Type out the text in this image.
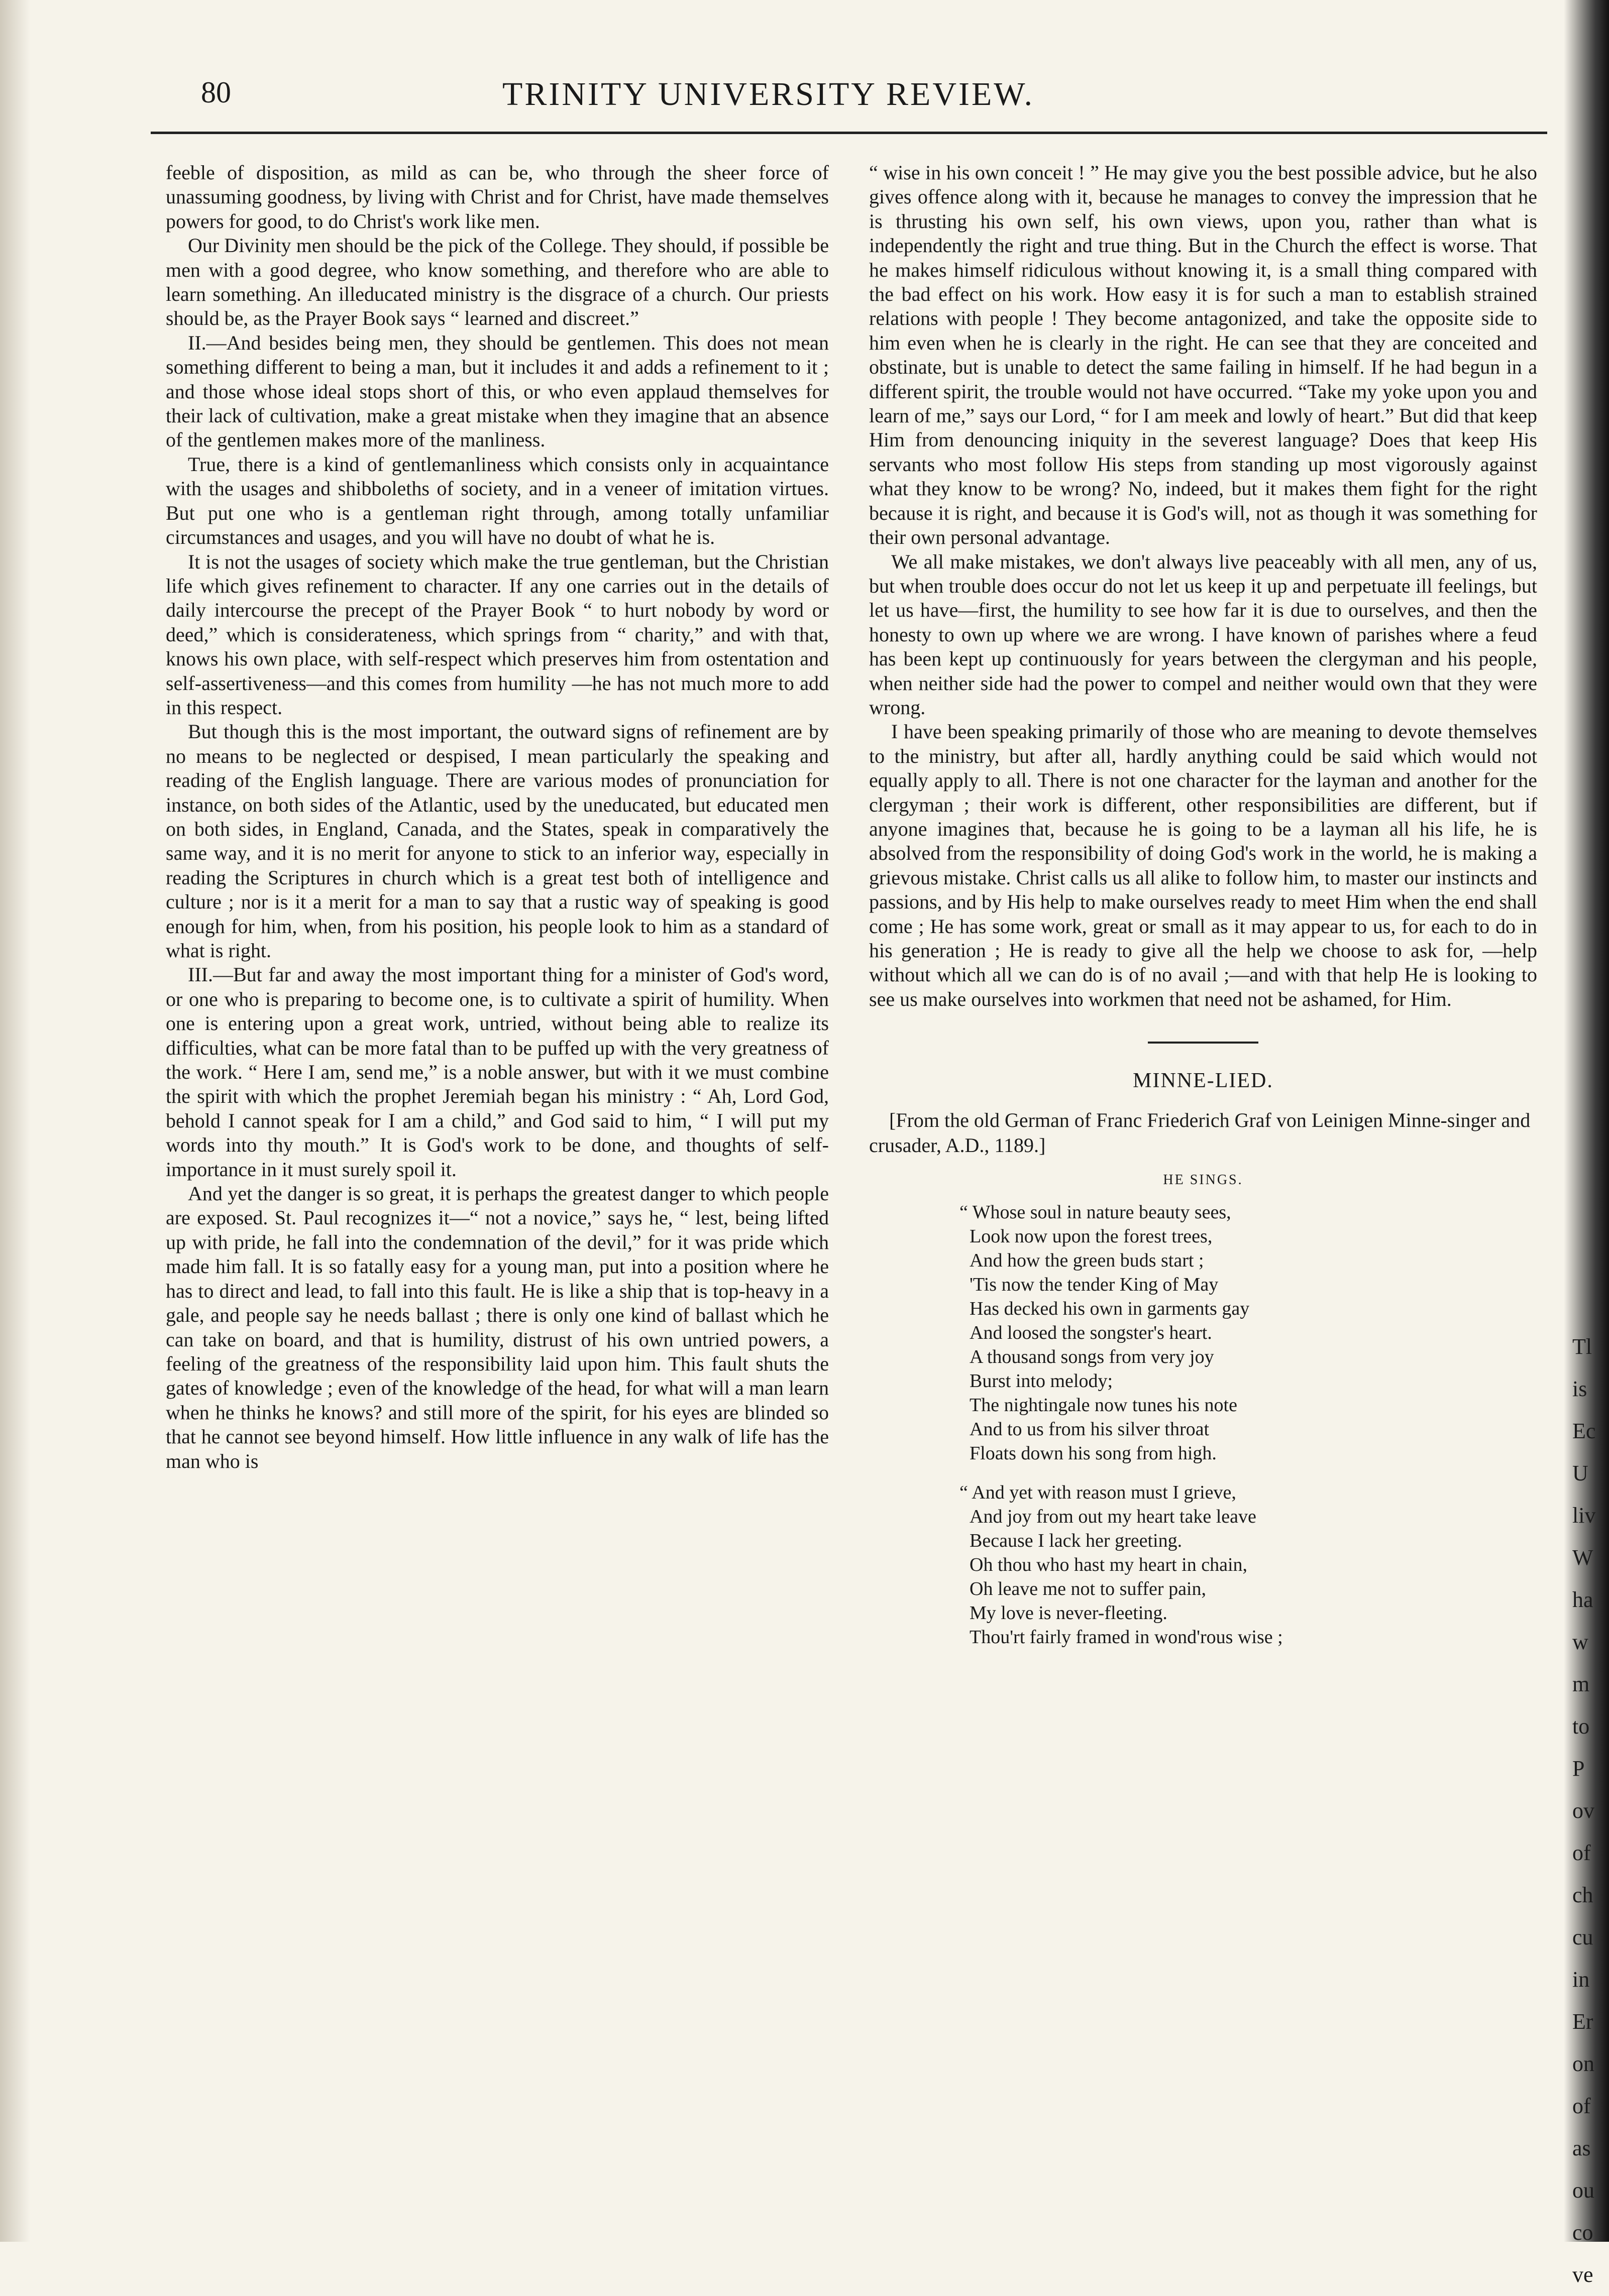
80	TRINITY UNIVERSITY REVIEW.

feeble of disposition, as mild as can be, who through the sheer force of unassuming goodness, by living with Christ and for Christ, have made themselves powers for good, to do Christ's work like men.

Our Divinity men should be the pick of the College. They should, if possible be men with a good degree, who know something, and therefore who are able to learn something. An illeducated ministry is the disgrace of a church. Our priests should be, as the Prayer Book says “ learned and discreet.”

II.—And besides being men, they should be gentlemen. This does not mean something different to being a man, but it includes it and adds a refinement to it ; and those whose ideal stops short of this, or who even applaud themselves for their lack of cultivation, make a great mistake when they imagine that an absence of the gentlemen makes more of the manliness.

True, there is a kind of gentlemanliness which consists only in acquaintance with the usages and shibboleths of society, and in a veneer of imitation virtues. But put one who is a gentleman right through, among totally unfamiliar circumstances and usages, and you will have no doubt of what he is.

It is not the usages of society which make the true gentleman, but the Christian life which gives refinement to character. If any one carries out in the details of daily intercourse the precept of the Prayer Book “ to hurt nobody by word or deed,” which is considerateness, which springs from “ charity,” and with that, knows his own place, with self-respect which preserves him from ostentation and self-assertiveness—and this comes from humility —he has not much more to add in this respect.

But though this is the most important, the outward signs of refinement are by no means to be neglected or despised, I mean particularly the speaking and reading of the English language. There are various modes of pronunciation for instance, on both sides of the Atlantic, used by the uneducated, but educated men on both sides, in England, Canada, and the States, speak in comparatively the same way, and it is no merit for anyone to stick to an inferior way, especially in reading the Scriptures in church which is a great test both of intelligence and culture ; nor is it a merit for a man to say that a rustic way of speaking is good enough for him, when, from his position, his people look to him as a standard of what is right.

III.—But far and away the most important thing for a minister of God's word, or one who is preparing to become one, is to cultivate a spirit of humility. When one is entering upon a great work, untried, without being able to realize its difficulties, what can be more fatal than to be puffed up with the very greatness of the work. “ Here I am, send me,” is a noble answer, but with it we must combine the spirit with which the prophet Jeremiah began his ministry : “ Ah, Lord God, behold I cannot speak for I am a child,” and God said to him, “ I will put my words into thy mouth.” It is God's work to be done, and thoughts of self-importance in it must surely spoil it.

And yet the danger is so great, it is perhaps the greatest danger to which people are exposed. St. Paul recognizes it—“ not a novice,” says he, “ lest, being lifted up with pride, he fall into the condemnation of the devil,” for it was pride which made him fall. It is so fatally easy for a young man, put into a position where he has to direct and lead, to fall into this fault. He is like a ship that is top-heavy in a gale, and people say he needs ballast ; there is only one kind of ballast which he can take on board, and that is humility, distrust of his own untried powers, a feeling of the greatness of the responsibility laid upon him. This fault shuts the gates of knowledge ; even of the knowledge of the head, for what will a man learn when he thinks he knows? and still more of the spirit, for his eyes are blinded so that he cannot see beyond himself. How little influence in any walk of life has the man who is

“ wise in his own conceit ! ” He may give you the best possible advice, but he also gives offence along with it, because he manages to convey the impression that he is thrusting his own self, his own views, upon you, rather than what is independently the right and true thing. But in the Church the effect is worse. That he makes himself ridiculous without knowing it, is a small thing compared with the bad effect on his work. How easy it is for such a man to establish strained relations with people ! They become antagonized, and take the opposite side to him even when he is clearly in the right. He can see that they are conceited and obstinate, but is unable to detect the same failing in himself. If he had begun in a different spirit, the trouble would not have occurred. “Take my yoke upon you and learn of me,” says our Lord, “ for I am meek and lowly of heart.” But did that keep Him from denouncing iniquity in the severest language? Does that keep His servants who most follow His steps from standing up most vigorously against what they know to be wrong? No, indeed, but it makes them fight for the right because it is right, and because it is God's will, not as though it was something for their own personal advantage.

We all make mistakes, we don't always live peaceably with all men, any of us, but when trouble does occur do not let us keep it up and perpetuate ill feelings, but let us have—first, the humility to see how far it is due to ourselves, and then the honesty to own up where we are wrong. I have known of parishes where a feud has been kept up continuously for years between the clergyman and his people, when neither side had the power to compel and neither would own that they were wrong.

I have been speaking primarily of those who are meaning to devote themselves to the ministry, but after all, hardly anything could be said which would not equally apply to all. There is not one character for the layman and another for the clergyman ; their work is different, other responsibilities are different, but if anyone imagines that, because he is going to be a layman all his life, he is absolved from the responsibility of doing God's work in the world, he is making a grievous mistake. Christ calls us all alike to follow him, to master our instincts and passions, and by His help to make ourselves ready to meet Him when the end shall come ; He has some work, great or small as it may appear to us, for each to do in his generation ; He is ready to give all the help we choose to ask for, —help without which all we can do is of no avail ;—and with that help He is looking to see us make ourselves into workmen that need not be ashamed, for Him.

MINNE-LIED.

[From the old German of Franc Friederich Graf von Leinigen Minne-singer and crusader, A.D., 1189.]

HE SINGS.

“ Whose soul in nature beauty sees,
Look now upon the forest trees,
And how the green buds start ;
'Tis now the tender King of May
Has decked his own in garments gay
And loosed the songster's heart.
A thousand songs from very joy
Burst into melody;
The nightingale now tunes his note
And to us from his silver throat
Floats down his song from high.
“ And yet with reason must I grieve,
And joy from out my heart take leave
Because I lack her greeting.
Oh thou who hast my heart in chain,
Oh leave me not to suffer pain,
My love is never-fleeting.
Thou'rt fairly framed in wond'rous wise ;
Tl
is
Ec
U
liv
W
ha
w
m
to
P
ov
of
ch
cu
in
Er
on
of
as
ou
co
ve
